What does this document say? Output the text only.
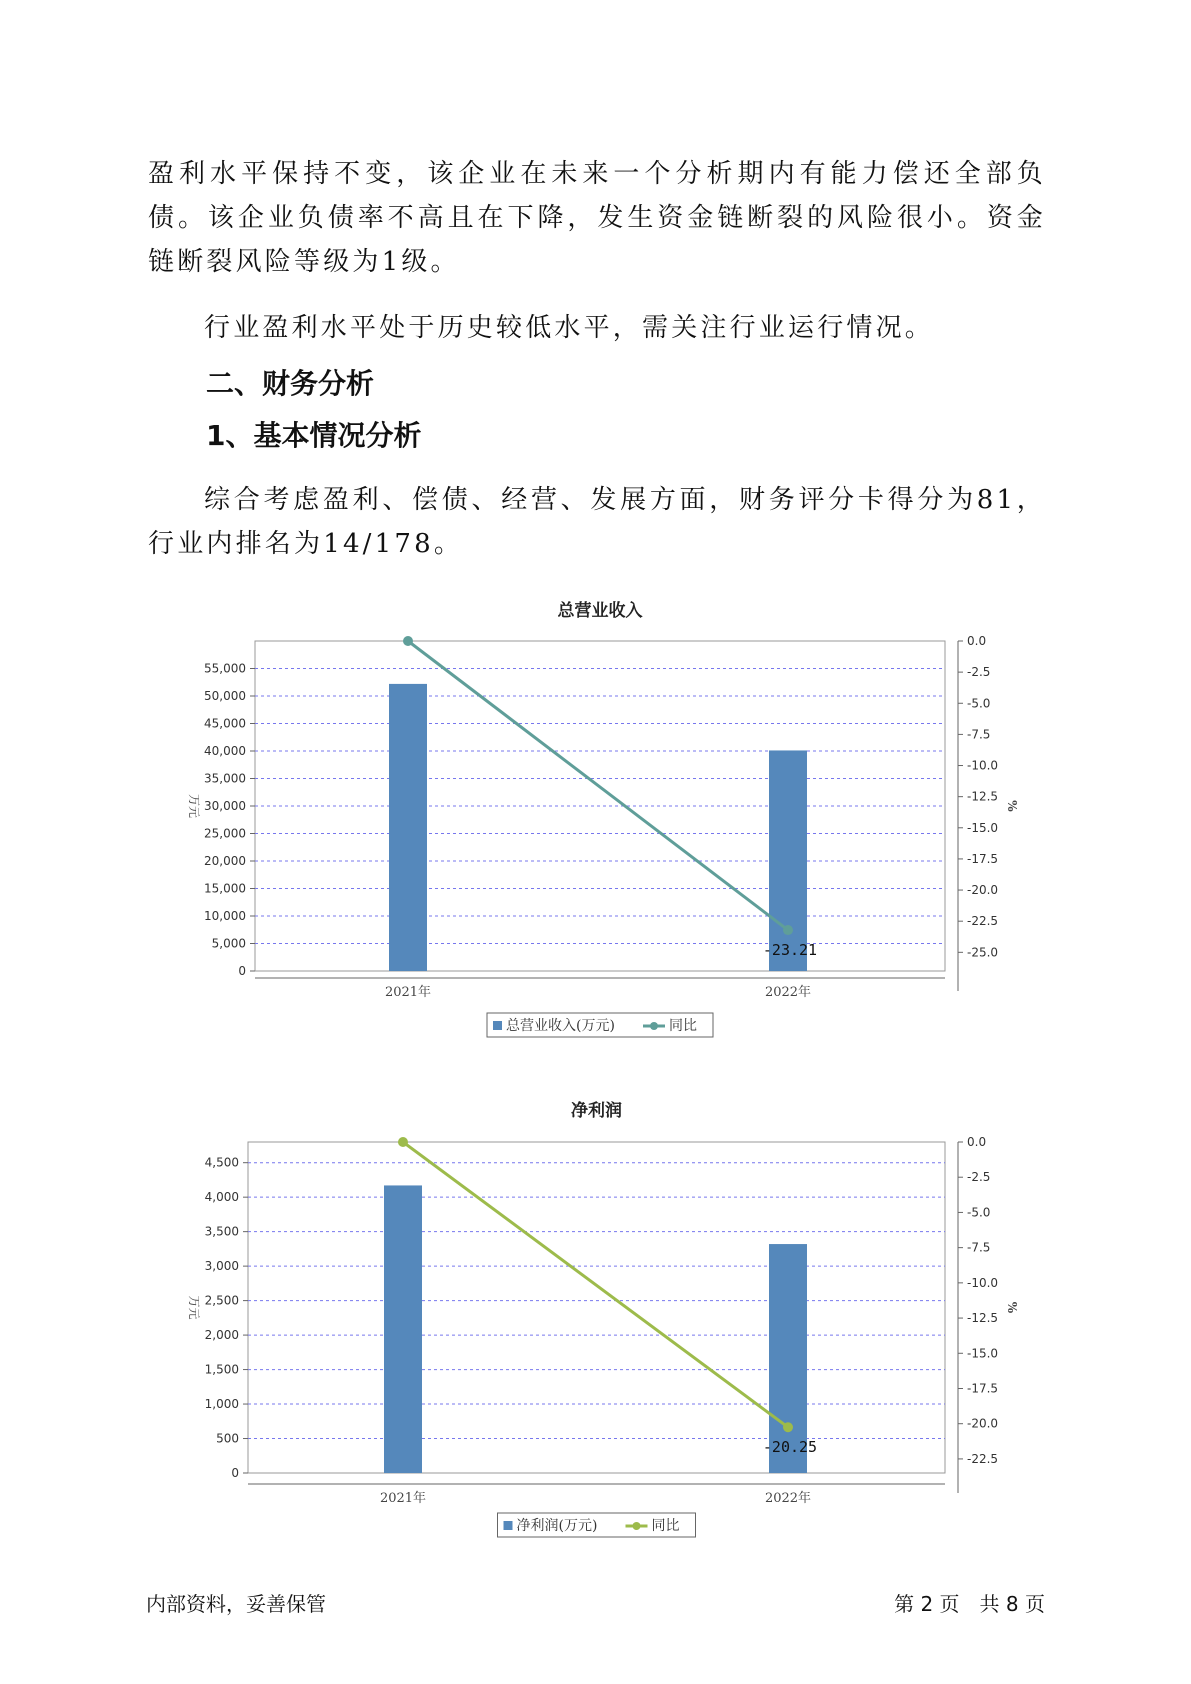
盈利水平保持不变，该企业在未来一个分析期内有能力偿还全部负债。该企业负债率不高且在下降，发生资金链断裂的风险很小。资金链断裂风险等级为1级。

行业盈利水平处于历史较低水平，需关注行业运行情况。

二、财务分析
1、基本情况分析

综合考虑盈利、偿债、经营、发展方面，财务评分卡得分为81，行业内排名为14/178。

总营业收入
0
5,000
10,000
15,000
20,000
25,000
30,000
35,000
40,000
45,000
50,000
55,000
0.0
-2.5
-5.0
-7.5
-10.0
-12.5
-15.0
-17.5
-20.0
-22.5
-25.0
万元	%
2021年	2022年
-23.21
总营业收入(万元)	同比
净利润
0
500
1,000
1,500
2,000
2,500
3,000
3,500
4,000
4,500
0.0
-2.5
-5.0
-7.5
-10.0
-12.5
-15.0
-17.5
-20.0
-22.5
万元	%
2021年	2022年
-20.25
净利润(万元)	同比
内部资料，妥善保管	第 2 页　共 8 页
